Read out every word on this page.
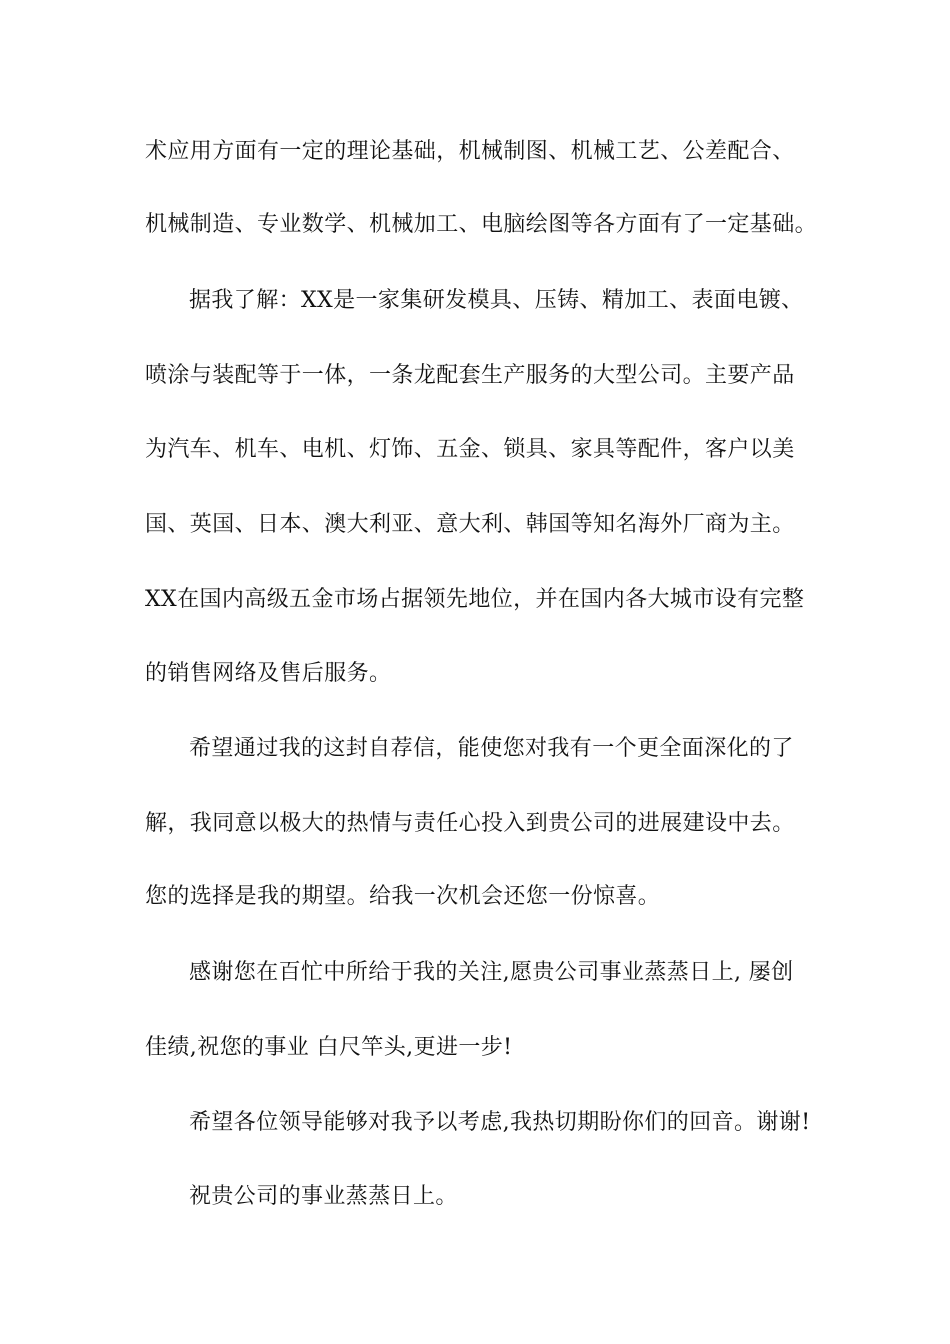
术应用方面有一定的理论基础，机械制图、机械工艺、公差配合、
机械制造、专业数学、机械加工、电脑绘图等各方面有了一定基础。
据我了解：XX是一家集研发模具、压铸、精加工、表面电镀、
喷涂与装配等于一体，一条龙配套生产服务的大型公司。主要产品
为汽车、机车、电机、灯饰、五金、锁具、家具等配件，客户以美
国、英国、日本、澳大利亚、意大利、韩国等知名海外厂商为主。
XX在国内高级五金市场占据领先地位，并在国内各大城市设有完整
的销售网络及售后服务。
希望通过我的这封自荐信，能使您对我有一个更全面深化的了
解，我同意以极大的热情与责任心投入到贵公司的进展建设中去。
您的选择是我的期望。给我一次机会还您一份惊喜。
感谢您在百忙中所给于我的关注,愿贵公司事业蒸蒸日上, 屡创
佳绩,祝您的事业 白尺竿头,更进一步!
希望各位领导能够对我予以考虑,我热切期盼你们的回音。谢谢!
祝贵公司的事业蒸蒸日上。
